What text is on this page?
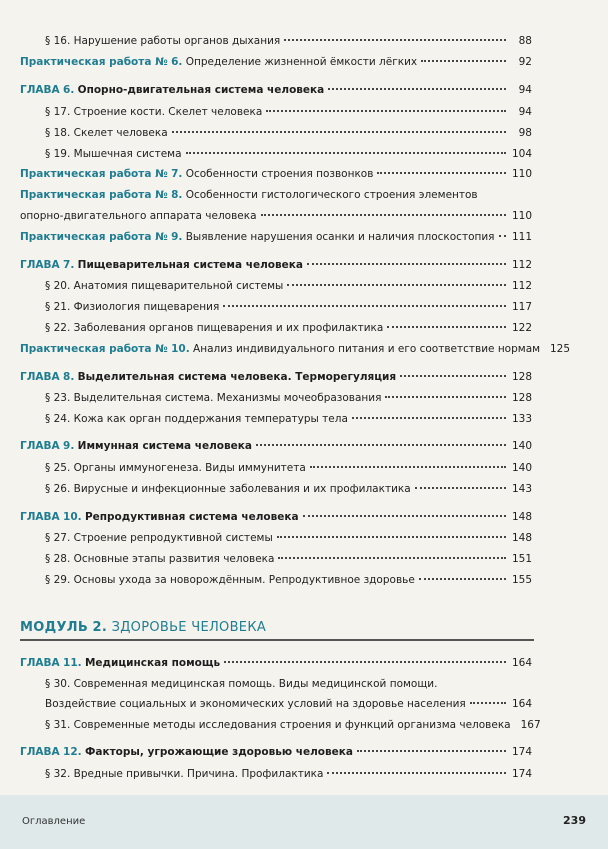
§ 16. Нарушение работы органов дыхания	88
Практическая работа № 6. Определение жизненной ёмкости лёгких	92
ГЛАВА 6. Опорно-двигательная система человека	94
§ 17. Строение кости. Скелет человека	94
§ 18. Скелет человека	98
§ 19. Мышечная система	104
Практическая работа № 7. Особенности строения позвонков	110
Практическая работа № 8. Особенности гистологического строения элементов
опорно-двигательного аппарата человека	110
Практическая работа № 9. Выявление нарушения осанки и наличия плоскостопия 111
ГЛАВА 7. Пищеварительная система человека	112
§ 20. Анатомия пищеварительной системы	112
§ 21. Физиология пищеварения	117
§ 22. Заболевания органов пищеварения и их профилактика	122
Практическая работа № 10. Анализ индивидуального питания и его соответствие нормам 125
ГЛАВА 8. Выделительная система человека. Терморегуляция	128
§ 23. Выделительная система. Механизмы мочеобразования	128
§ 24. Кожа как орган поддержания температуры тела	133
ГЛАВА 9. Иммунная система человека	140
§ 25. Органы иммуногенеза. Виды иммунитета	140
§ 26. Вирусные и инфекционные заболевания и их профилактика	143
ГЛАВА 10. Репродуктивная система человека	148
§ 27. Строение репродуктивной системы	148
§ 28. Основные этапы развития человека	151
§ 29. Основы ухода за новорождённым. Репродуктивное здоровье	155
МОДУЛЬ 2. ЗДОРОВЬЕ ЧЕЛОВЕКА
ГЛАВА 11. Медицинская помощь	164
§ 30. Современная медицинская помощь. Виды медицинской помощи.
Воздействие социальных и экономических условий на здоровье населения	164
§ 31. Современные методы исследования строения и функций организма человека 167
ГЛАВА 12. Факторы, угрожающие здоровью человека	174
§ 32. Вредные привычки. Причина. Профилактика	174
Оглавление	239
